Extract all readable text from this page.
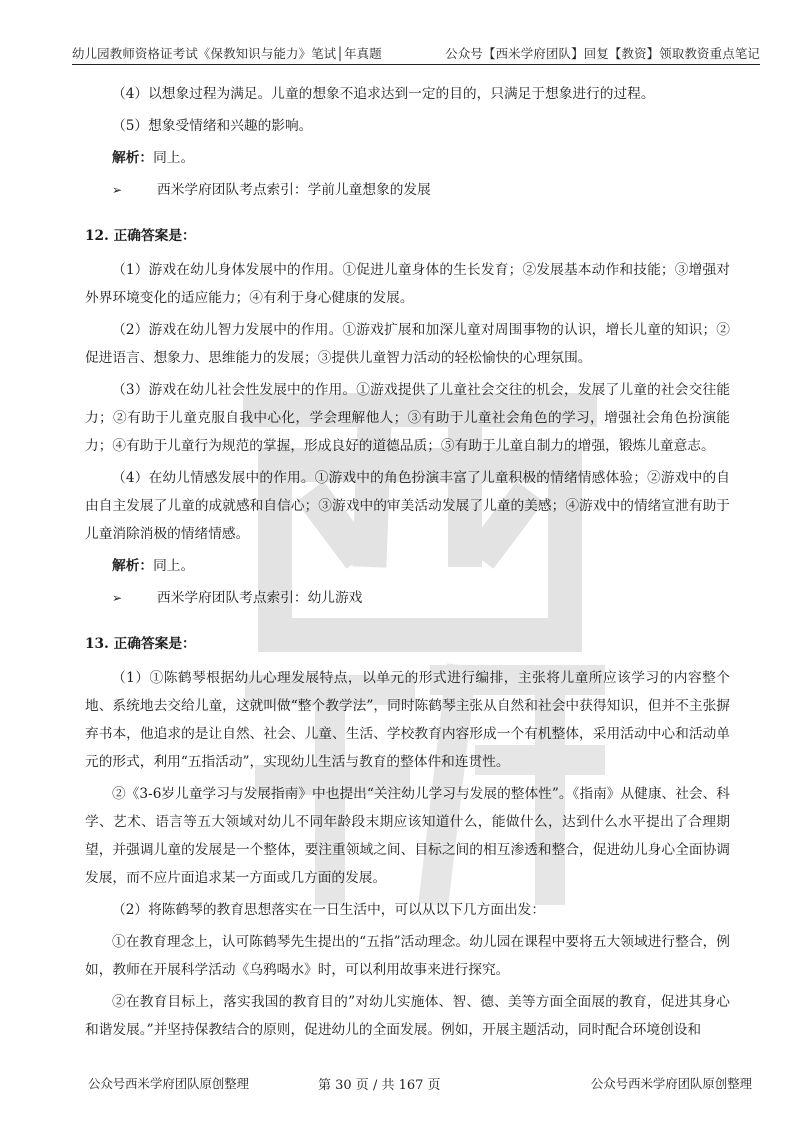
幼儿园教师资格证考试《保教知识与能力》笔试│年真题	公众号【西米学府团队】回复【教资】领取教资重点笔记

（4）以想象过程为满足。儿童的想象不追求达到一定的目的，只满足于想象进行的过程。

（5）想象受情绪和兴趣的影响。

解析：同上。

➢	西米学府团队考点索引：学前儿童想象的发展
12. 正确答案是：

（1）游戏在幼儿身体发展中的作用。①促进儿童身体的生长发育；②发展基本动作和技能；③增强对外界环境变化的适应能力；④有利于身心健康的发展。

（2）游戏在幼儿智力发展中的作用。①游戏扩展和加深儿童对周围事物的认识，增长儿童的知识；②促进语言、想象力、思维能力的发展；③提供儿童智力活动的轻松愉快的心理氛围。

（3）游戏在幼儿社会性发展中的作用。①游戏提供了儿童社会交往的机会，发展了儿童的社会交往能力；②有助于儿童克服自我中心化，学会理解他人；③有助于儿童社会角色的学习，增强社会角色扮演能力；④有助于儿童行为规范的掌握，形成良好的道德品质；⑤有助于儿童自制力的增强，锻炼儿童意志。

（4）在幼儿情感发展中的作用。①游戏中的角色扮演丰富了儿童积极的情绪情感体验；②游戏中的自由自主发展了儿童的成就感和自信心；③游戏中的审美活动发展了儿童的美感；④游戏中的情绪宣泄有助于儿童消除消极的情绪情感。

解析：同上。

➢	西米学府团队考点索引：幼儿游戏
13. 正确答案是：

（1）①陈鹤琴根据幼儿心理发展特点，以单元的形式进行编排，主张将儿童所应该学习的内容整个地、系统地去交给儿童，这就叫做“整个教学法”，同时陈鹤琴主张从自然和社会中获得知识，但并不主张摒弃书本，他追求的是让自然、社会、儿童、生活、学校教育内容形成一个有机整体，采用活动中心和活动单元的形式，利用“五指活动”，实现幼儿生活与教育的整体件和连贯性。

②《3-6岁儿童学习与发展指南》中也提出“关注幼儿学习与发展的整体性”。《指南》从健康、社会、科学、艺术、语言等五大领域对幼儿不同年龄段末期应该知道什么，能做什么，达到什么水平提出了合理期望，并强调儿童的发展是一个整体，要注重领域之间、目标之间的相互渗透和整合，促进幼儿身心全面协调发展，而不应片面追求某一方面或几方面的发展。

（2）将陈鹤琴的教育思想落实在一日生活中，可以从以下几方面出发：

①在教育理念上，认可陈鹤琴先生提出的“五指”活动理念。幼儿园在课程中要将五大领域进行整合，例如，教师在开展科学活动《乌鸦喝水》时，可以利用故事来进行探究。

②在教育目标上，落实我国的教育目的”对幼儿实施体、智、德、美等方面全面展的教育，促进其身心和谐发展。”并坚持保教结合的原则，促进幼儿的全面发展。例如，开展主题活动，同时配合环境创设和

公众号西米学府团队原创整理	第 30 页 / 共 167 页	公众号西米学府团队原创整理
